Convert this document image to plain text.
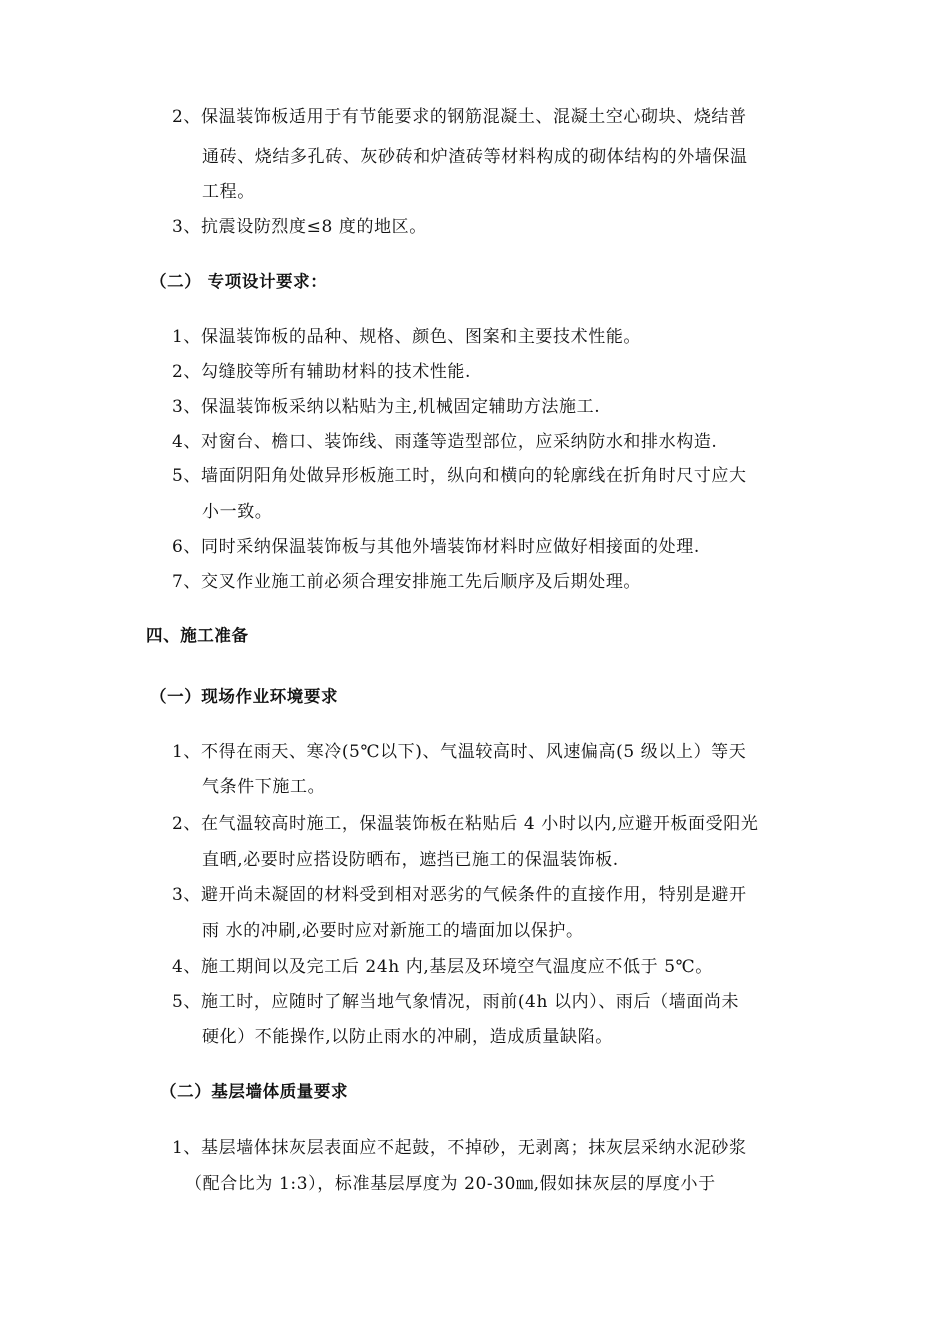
2、保温装饰板适用于有节能要求的钢筋混凝土、混凝土空心砌块、烧结普
通砖、烧结多孔砖、灰砂砖和炉渣砖等材料构成的砌体结构的外墙保温
工程。
3、抗震设防烈度≤8 度的地区。
（二） 专项设计要求：
1、保温装饰板的品种、规格、颜色、图案和主要技术性能。
2、勾缝胶等所有辅助材料的技术性能.
3、保温装饰板采纳以粘贴为主,机械固定辅助方法施工.
4、对窗台、檐口、装饰线、雨蓬等造型部位，应采纳防水和排水构造.
5、墙面阴阳角处做异形板施工时，纵向和横向的轮廓线在折角时尺寸应大
小一致。
6、同时采纳保温装饰板与其他外墙装饰材料时应做好相接面的处理.
7、交叉作业施工前必须合理安排施工先后顺序及后期处理。
四、施工准备
（一）现场作业环境要求
1、不得在雨天、寒冷(5℃以下)、气温较高时、风速偏高(5 级以上）等天
气条件下施工。
2、在气温较高时施工，保温装饰板在粘贴后 4 小时以内,应避开板面受阳光
直晒,必要时应搭设防晒布，遮挡已施工的保温装饰板.
3、避开尚未凝固的材料受到相对恶劣的气候条件的直接作用，特别是避开
雨 水的冲刷,必要时应对新施工的墙面加以保护。
4、施工期间以及完工后 24h 内,基层及环境空气温度应不低于 5℃。
5、施工时，应随时了解当地气象情况，雨前(4h 以内）、雨后（墙面尚未
硬化）不能操作,以防止雨水的冲刷，造成质量缺陷。
（二）基层墙体质量要求
1、基层墙体抹灰层表面应不起鼓，不掉砂，无剥离；抹灰层采纳水泥砂浆
（配合比为 1:3），标准基层厚度为 20-30㎜,假如抹灰层的厚度小于
